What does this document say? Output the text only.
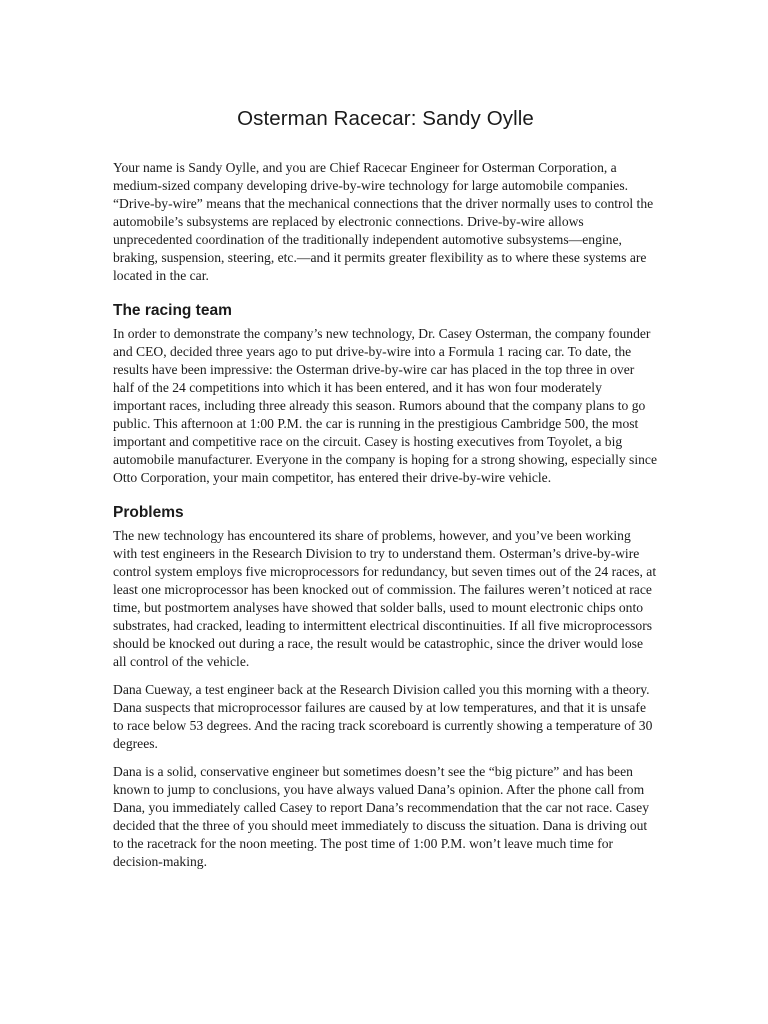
Osterman Racecar: Sandy Oylle

Your name is Sandy Oylle, and you are Chief Racecar Engineer for Osterman Corporation, a medium-sized company developing drive-by-wire technology for large automobile companies. “Drive-by-wire” means that the mechanical connections that the driver normally uses to control the automobile’s subsystems are replaced by electronic connections. Drive-by-wire allows unprecedented coordination of the traditionally independent automotive subsystems—engine, braking, suspension, steering, etc.—and it permits greater flexibility as to where these systems are located in the car.

The racing team

In order to demonstrate the company’s new technology, Dr. Casey Osterman, the company founder and CEO, decided three years ago to put drive-by-wire into a Formula 1 racing car. To date, the results have been impressive: the Osterman drive-by-wire car has placed in the top three in over half of the 24 competitions into which it has been entered, and it has won four moderately important races, including three already this season. Rumors abound that the company plans to go public. This afternoon at 1:00 P.M. the car is running in the prestigious Cambridge 500, the most important and competitive race on the circuit. Casey is hosting executives from Toyolet, a big automobile manufacturer. Everyone in the company is hoping for a strong showing, especially since Otto Corporation, your main competitor, has entered their drive-by-wire vehicle.

Problems

The new technology has encountered its share of problems, however, and you’ve been working with test engineers in the Research Division to try to understand them. Osterman’s drive-by-wire control system employs five microprocessors for redundancy, but seven times out of the 24 races, at least one microprocessor has been knocked out of commission. The failures weren’t noticed at race time, but postmortem analyses have showed that solder balls, used to mount electronic chips onto substrates, had cracked, leading to intermittent electrical discontinuities. If all five microprocessors should be knocked out during a race, the result would be catastrophic, since the driver would lose all control of the vehicle.

Dana Cueway, a test engineer back at the Research Division called you this morning with a theory. Dana suspects that microprocessor failures are caused by at low temperatures, and that it is unsafe to race below 53 degrees. And the racing track scoreboard is currently showing a temperature of 30 degrees.

Dana is a solid, conservative engineer but sometimes doesn’t see the “big picture” and has been known to jump to conclusions, you have always valued Dana’s opinion. After the phone call from Dana, you immediately called Casey to report Dana’s recommendation that the car not race. Casey decided that the three of you should meet immediately to discuss the situation. Dana is driving out to the racetrack for the noon meeting. The post time of 1:00 P.M. won’t leave much time for decision-making.
